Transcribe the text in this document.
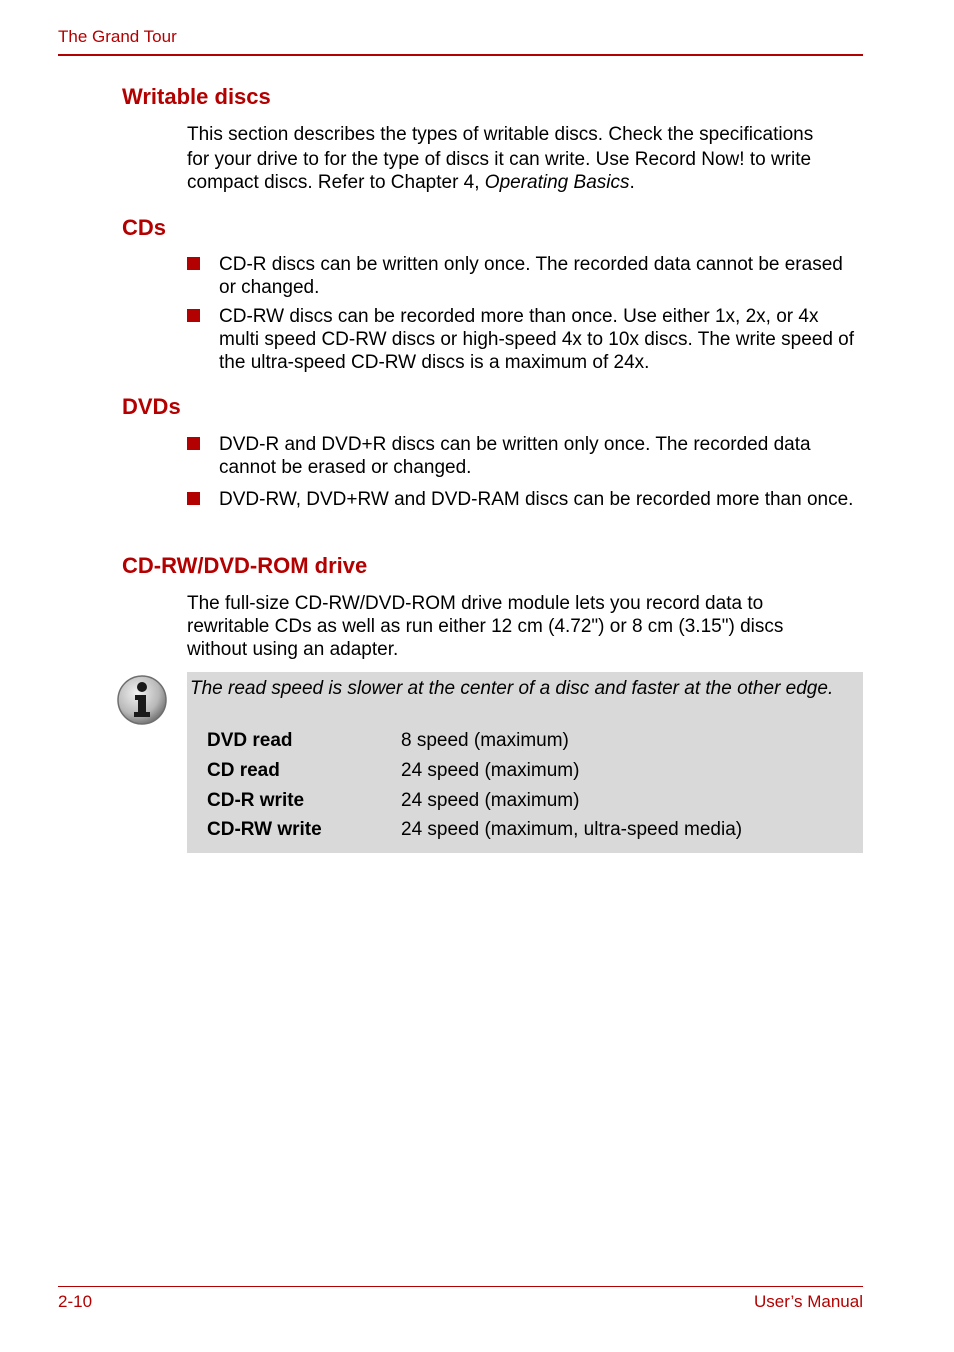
The Grand Tour
Writable discs
This section describes the types of writable discs. Check the specifications
for your drive to for the type of discs it can write. Use Record Now! to write
compact discs. Refer to Chapter 4, Operating Basics.
CDs
CD-R discs can be written only once. The recorded data cannot be erased or changed.
CD-RW discs can be recorded more than once. Use either 1x, 2x, or 4x multi speed CD-RW discs or high-speed 4x to 10x discs. The write speed of the ultra-speed CD-RW discs is a maximum of 24x.
DVDs
DVD-R and DVD+R discs can be written only once. The recorded data cannot be erased or changed.
DVD-RW, DVD+RW and DVD-RAM discs can be recorded more than once.
CD-RW/DVD-ROM drive
The full-size CD-RW/DVD-ROM drive module lets you record data to rewritable CDs as well as run either 12 cm (4.72") or 8 cm (3.15") discs without using an adapter.
The read speed is slower at the center of a disc and faster at the other edge.
DVD read	8 speed (maximum)
CD read	24 speed (maximum)
CD-R write	24 speed (maximum)
CD-RW write	24 speed (maximum, ultra-speed media)
2-10	User’s Manual
